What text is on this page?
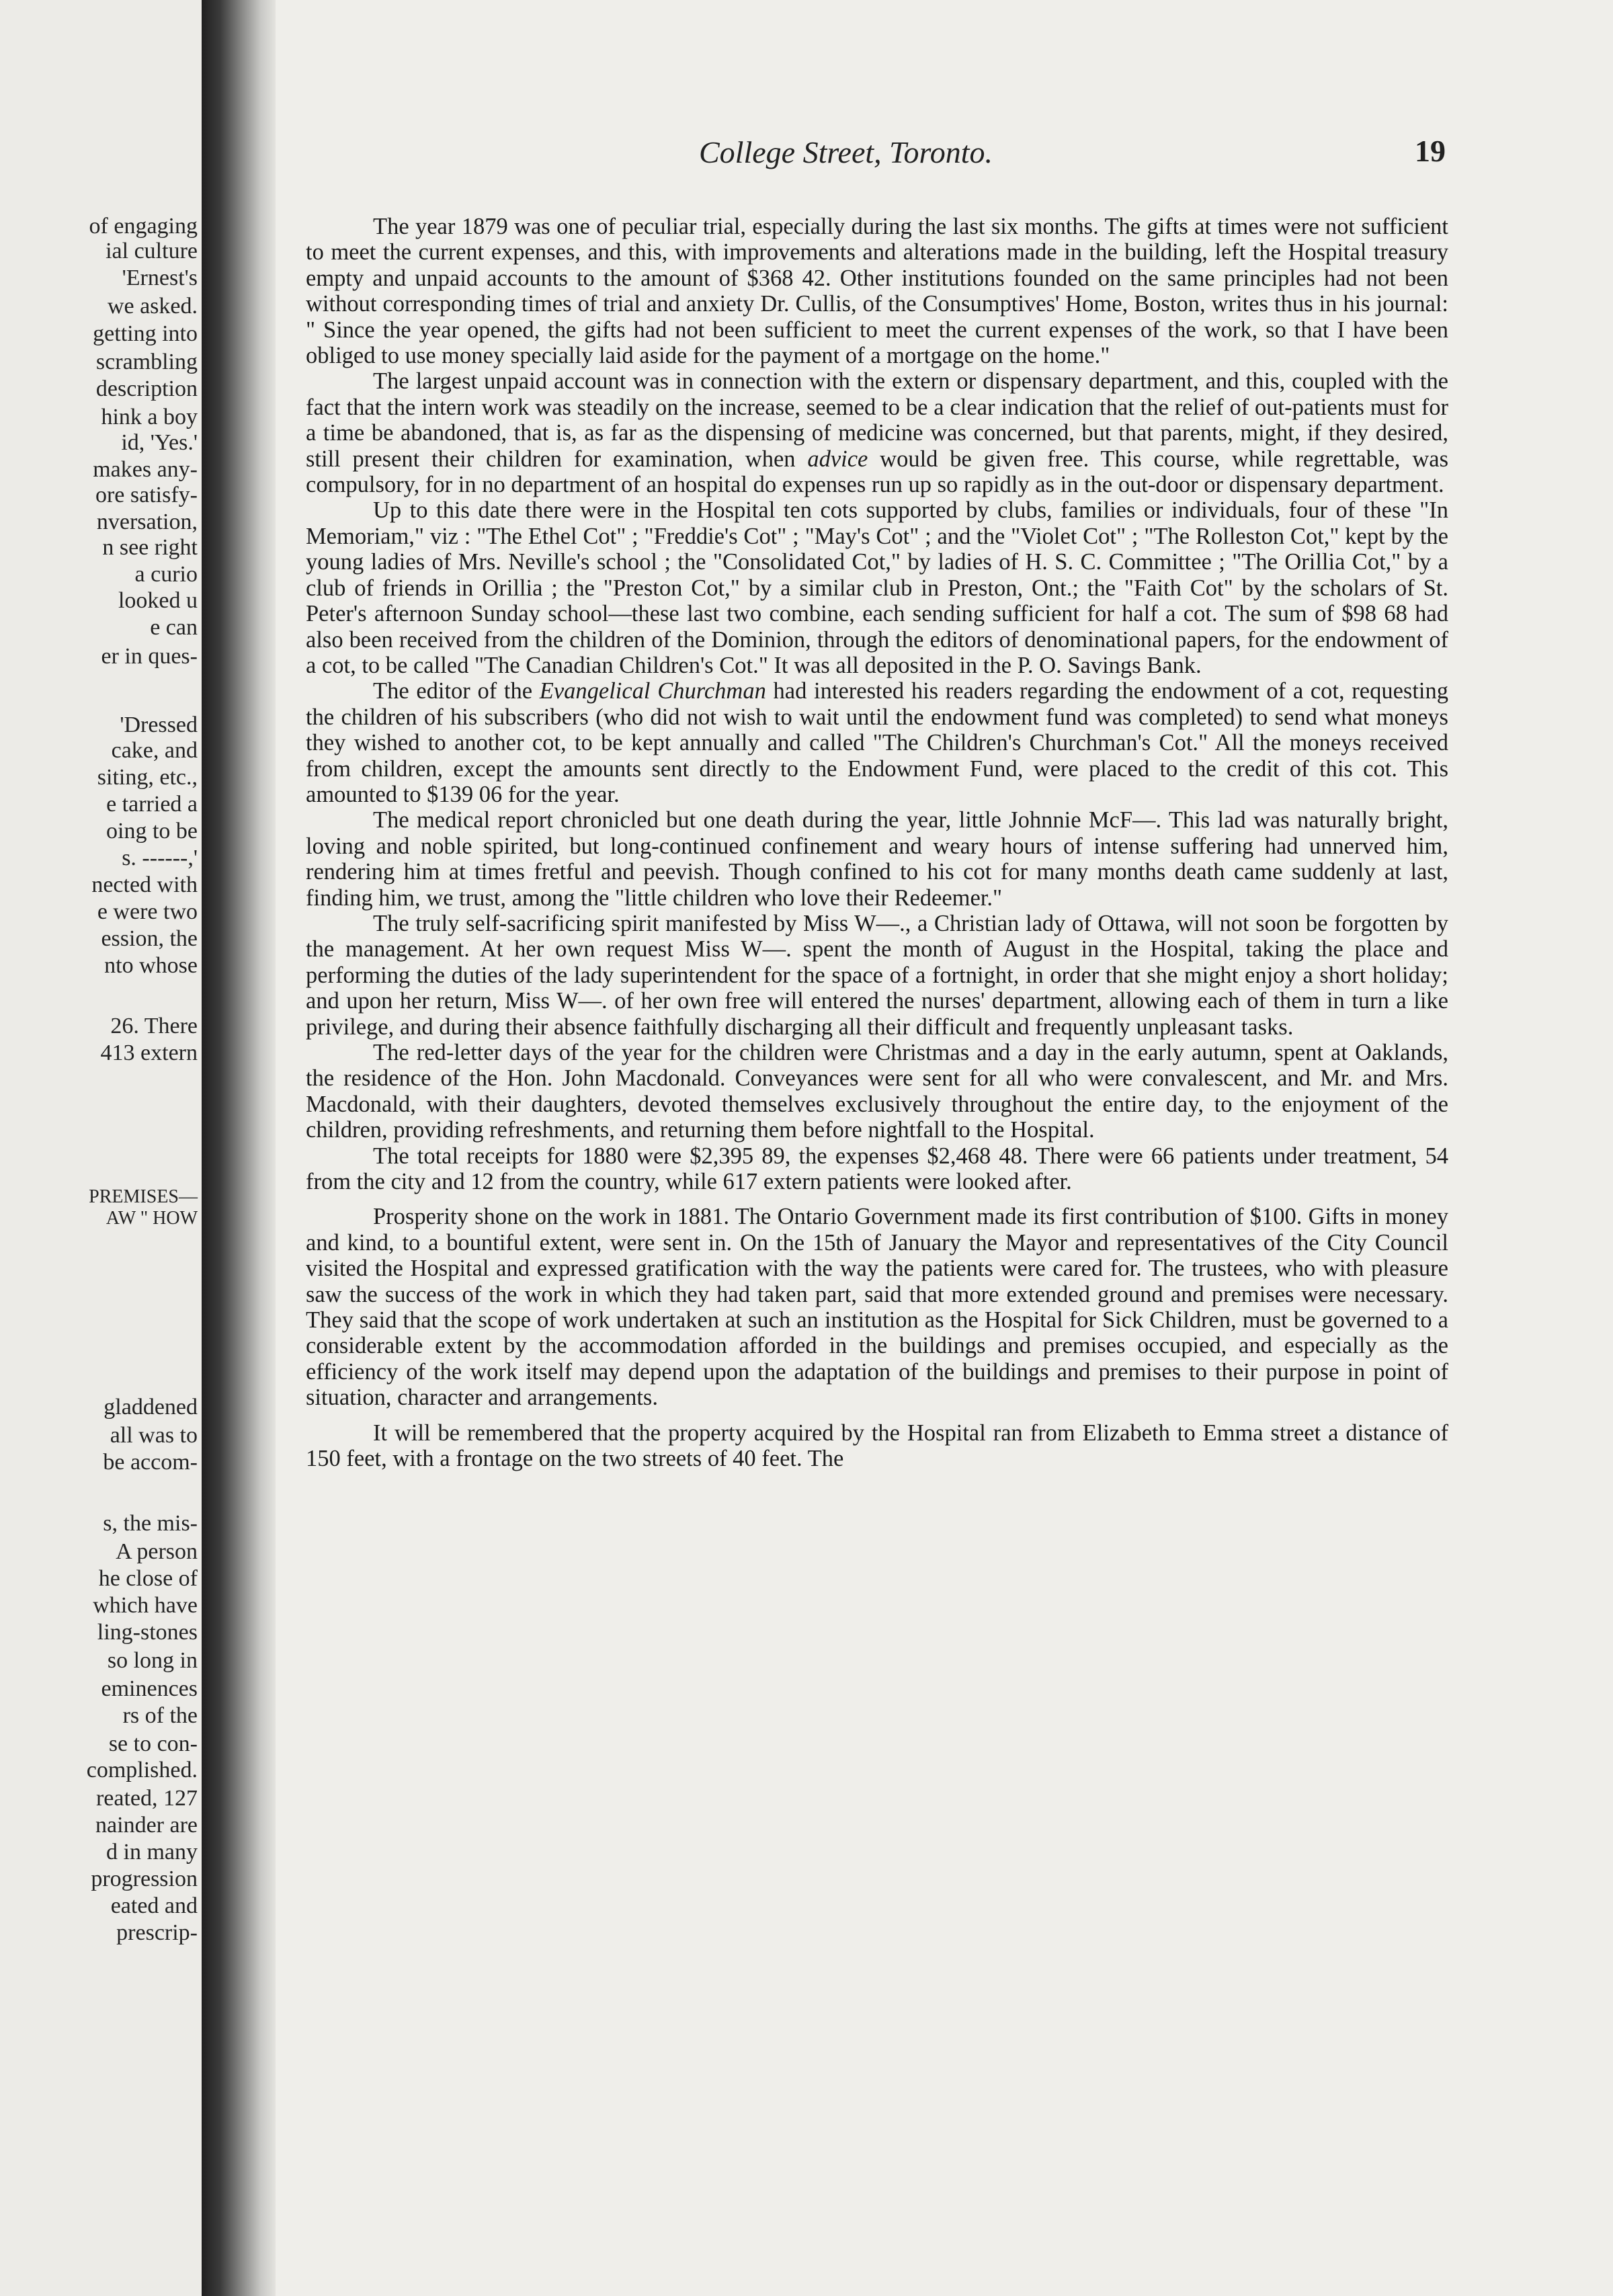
of engaging
ial culture
'Ernest's
we asked.
getting into
scrambling
description
hink a boy
id, 'Yes.'
makes any-
ore satisfy-
nversation,
n see right
a curio
looked u
e can
er in ques-
'Dressed
cake, and
siting, etc.,
e tarried a
oing to be
s. ------,'
nected with
e were two
ession, the
nto whose
26. There
413 extern
PREMISES—
AW " HOW
gladdened
all was to
be accom-
s, the mis-
A person
he close of
which have
ling-stones
so long in
eminences
rs of the
se to con-
complished.
reated, 127
nainder are
d in many
progression
eated and
prescrip-
College Street, Toronto.	19

The year 1879 was one of peculiar trial, especially during the last six months. The gifts at times were not sufficient to meet the current expenses, and this, with improvements and alterations made in the building, left the Hospital treasury empty and unpaid accounts to the amount of $368 42. Other institutions founded on the same principles had not been without corresponding times of trial and anxiety Dr. Cullis, of the Consumptives' Home, Boston, writes thus in his journal: " Since the year opened, the gifts had not been sufficient to meet the current expenses of the work, so that I have been obliged to use money specially laid aside for the payment of a mortgage on the home."

The largest unpaid account was in connection with the extern or dispensary department, and this, coupled with the fact that the intern work was steadily on the increase, seemed to be a clear indication that the relief of out-patients must for a time be abandoned, that is, as far as the dispensing of medicine was concerned, but that parents, might, if they desired, still present their children for examination, when advice would be given free. This course, while regrettable, was compulsory, for in no department of an hospital do expenses run up so rapidly as in the out-door or dispensary department.

Up to this date there were in the Hospital ten cots supported by clubs, families or individuals, four of these "In Memoriam," viz : "The Ethel Cot" ; "Freddie's Cot" ; "May's Cot" ; and the "Violet Cot" ; "The Rolleston Cot," kept by the young ladies of Mrs. Neville's school ; the "Consolidated Cot," by ladies of H. S. C. Committee ; "The Orillia Cot," by a club of friends in Orillia ; the "Preston Cot," by a similar club in Preston, Ont.; the "Faith Cot" by the scholars of St. Peter's afternoon Sunday school—these last two combine, each sending sufficient for half a cot. The sum of $98 68 had also been received from the children of the Dominion, through the editors of denominational papers, for the endowment of a cot, to be called "The Canadian Children's Cot." It was all deposited in the P. O. Savings Bank.

The editor of the Evangelical Churchman had interested his readers regarding the endowment of a cot, requesting the children of his subscribers (who did not wish to wait until the endowment fund was completed) to send what moneys they wished to another cot, to be kept annually and called "The Children's Churchman's Cot." All the moneys received from children, except the amounts sent directly to the Endowment Fund, were placed to the credit of this cot. This amounted to $139 06 for the year.

The medical report chronicled but one death during the year, little Johnnie McF—. This lad was naturally bright, loving and noble spirited, but long-continued confinement and weary hours of intense suffering had unnerved him, rendering him at times fretful and peevish. Though confined to his cot for many months death came suddenly at last, finding him, we trust, among the "little children who love their Redeemer."

The truly self-sacrificing spirit manifested by Miss W—., a Christian lady of Ottawa, will not soon be forgotten by the management. At her own request Miss W—. spent the month of August in the Hospital, taking the place and performing the duties of the lady superintendent for the space of a fortnight, in order that she might enjoy a short holiday; and upon her return, Miss W—. of her own free will entered the nurses' department, allowing each of them in turn a like privilege, and during their absence faithfully discharging all their difficult and frequently unpleasant tasks.

The red-letter days of the year for the children were Christmas and a day in the early autumn, spent at Oaklands, the residence of the Hon. John Macdonald. Conveyances were sent for all who were convalescent, and Mr. and Mrs. Macdonald, with their daughters, devoted themselves exclusively throughout the entire day, to the enjoyment of the children, providing refreshments, and returning them before nightfall to the Hospital.

The total receipts for 1880 were $2,395 89, the expenses $2,468 48. There were 66 patients under treatment, 54 from the city and 12 from the country, while 617 extern patients were looked after.

Prosperity shone on the work in 1881. The Ontario Government made its first contribution of $100. Gifts in money and kind, to a bountiful extent, were sent in. On the 15th of January the Mayor and representatives of the City Council visited the Hospital and expressed gratification with the way the patients were cared for. The trustees, who with pleasure saw the success of the work in which they had taken part, said that more extended ground and premises were necessary. They said that the scope of work undertaken at such an institution as the Hospital for Sick Children, must be governed to a considerable extent by the accommodation afforded in the buildings and premises occupied, and especially as the efficiency of the work itself may depend upon the adaptation of the buildings and premises to their purpose in point of situation, character and arrangements.

It will be remembered that the property acquired by the Hospital ran from Elizabeth to Emma street a distance of 150 feet, with a frontage on the two streets of 40 feet. The
